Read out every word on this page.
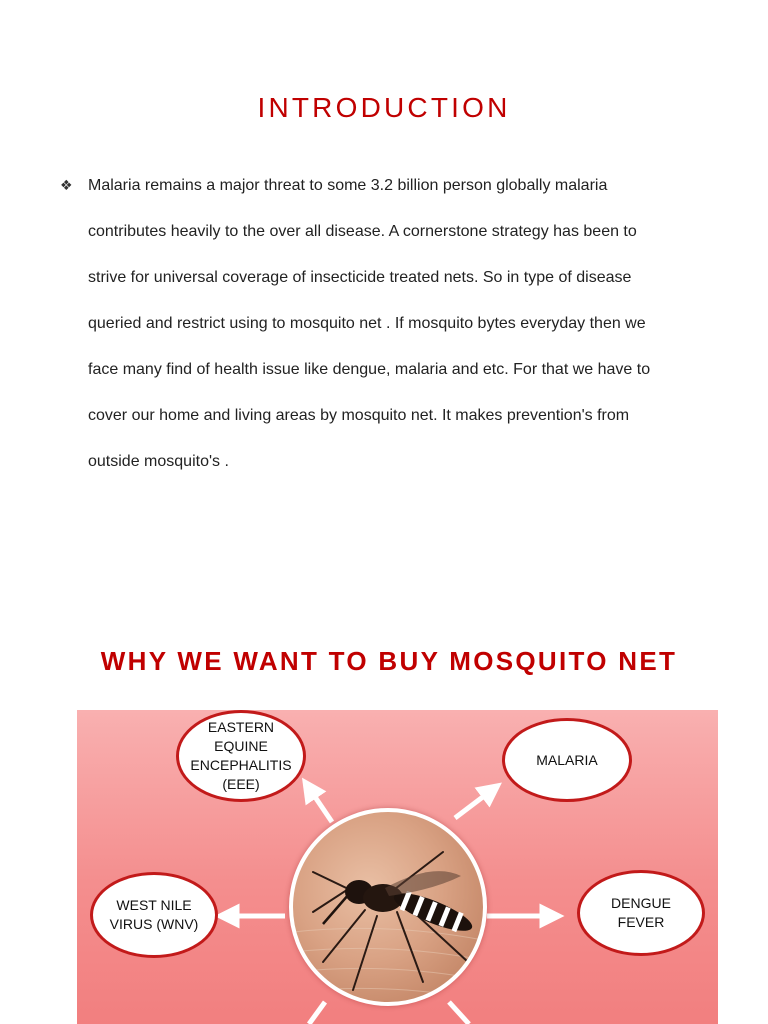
INTRODUCTION
❖ Malaria remains a major threat to some 3.2 billion person globally malaria
contributes heavily to the over all disease. A cornerstone strategy has been to
strive for universal coverage of insecticide treated nets. So in type of disease
queried and restrict using to mosquito net . If mosquito bytes everyday then we
face many find of health issue like dengue, malaria and etc. For that we have to
cover our home and living areas by mosquito net. It makes prevention's from
outside mosquito's .
WHY WE WANT TO BUY MOSQUITO NET
EASTERN
EQUINE
ENCEPHALITIS
(EEE)
MALARIA
WEST NILE
VIRUS (WNV)
DENGUE
FEVER
